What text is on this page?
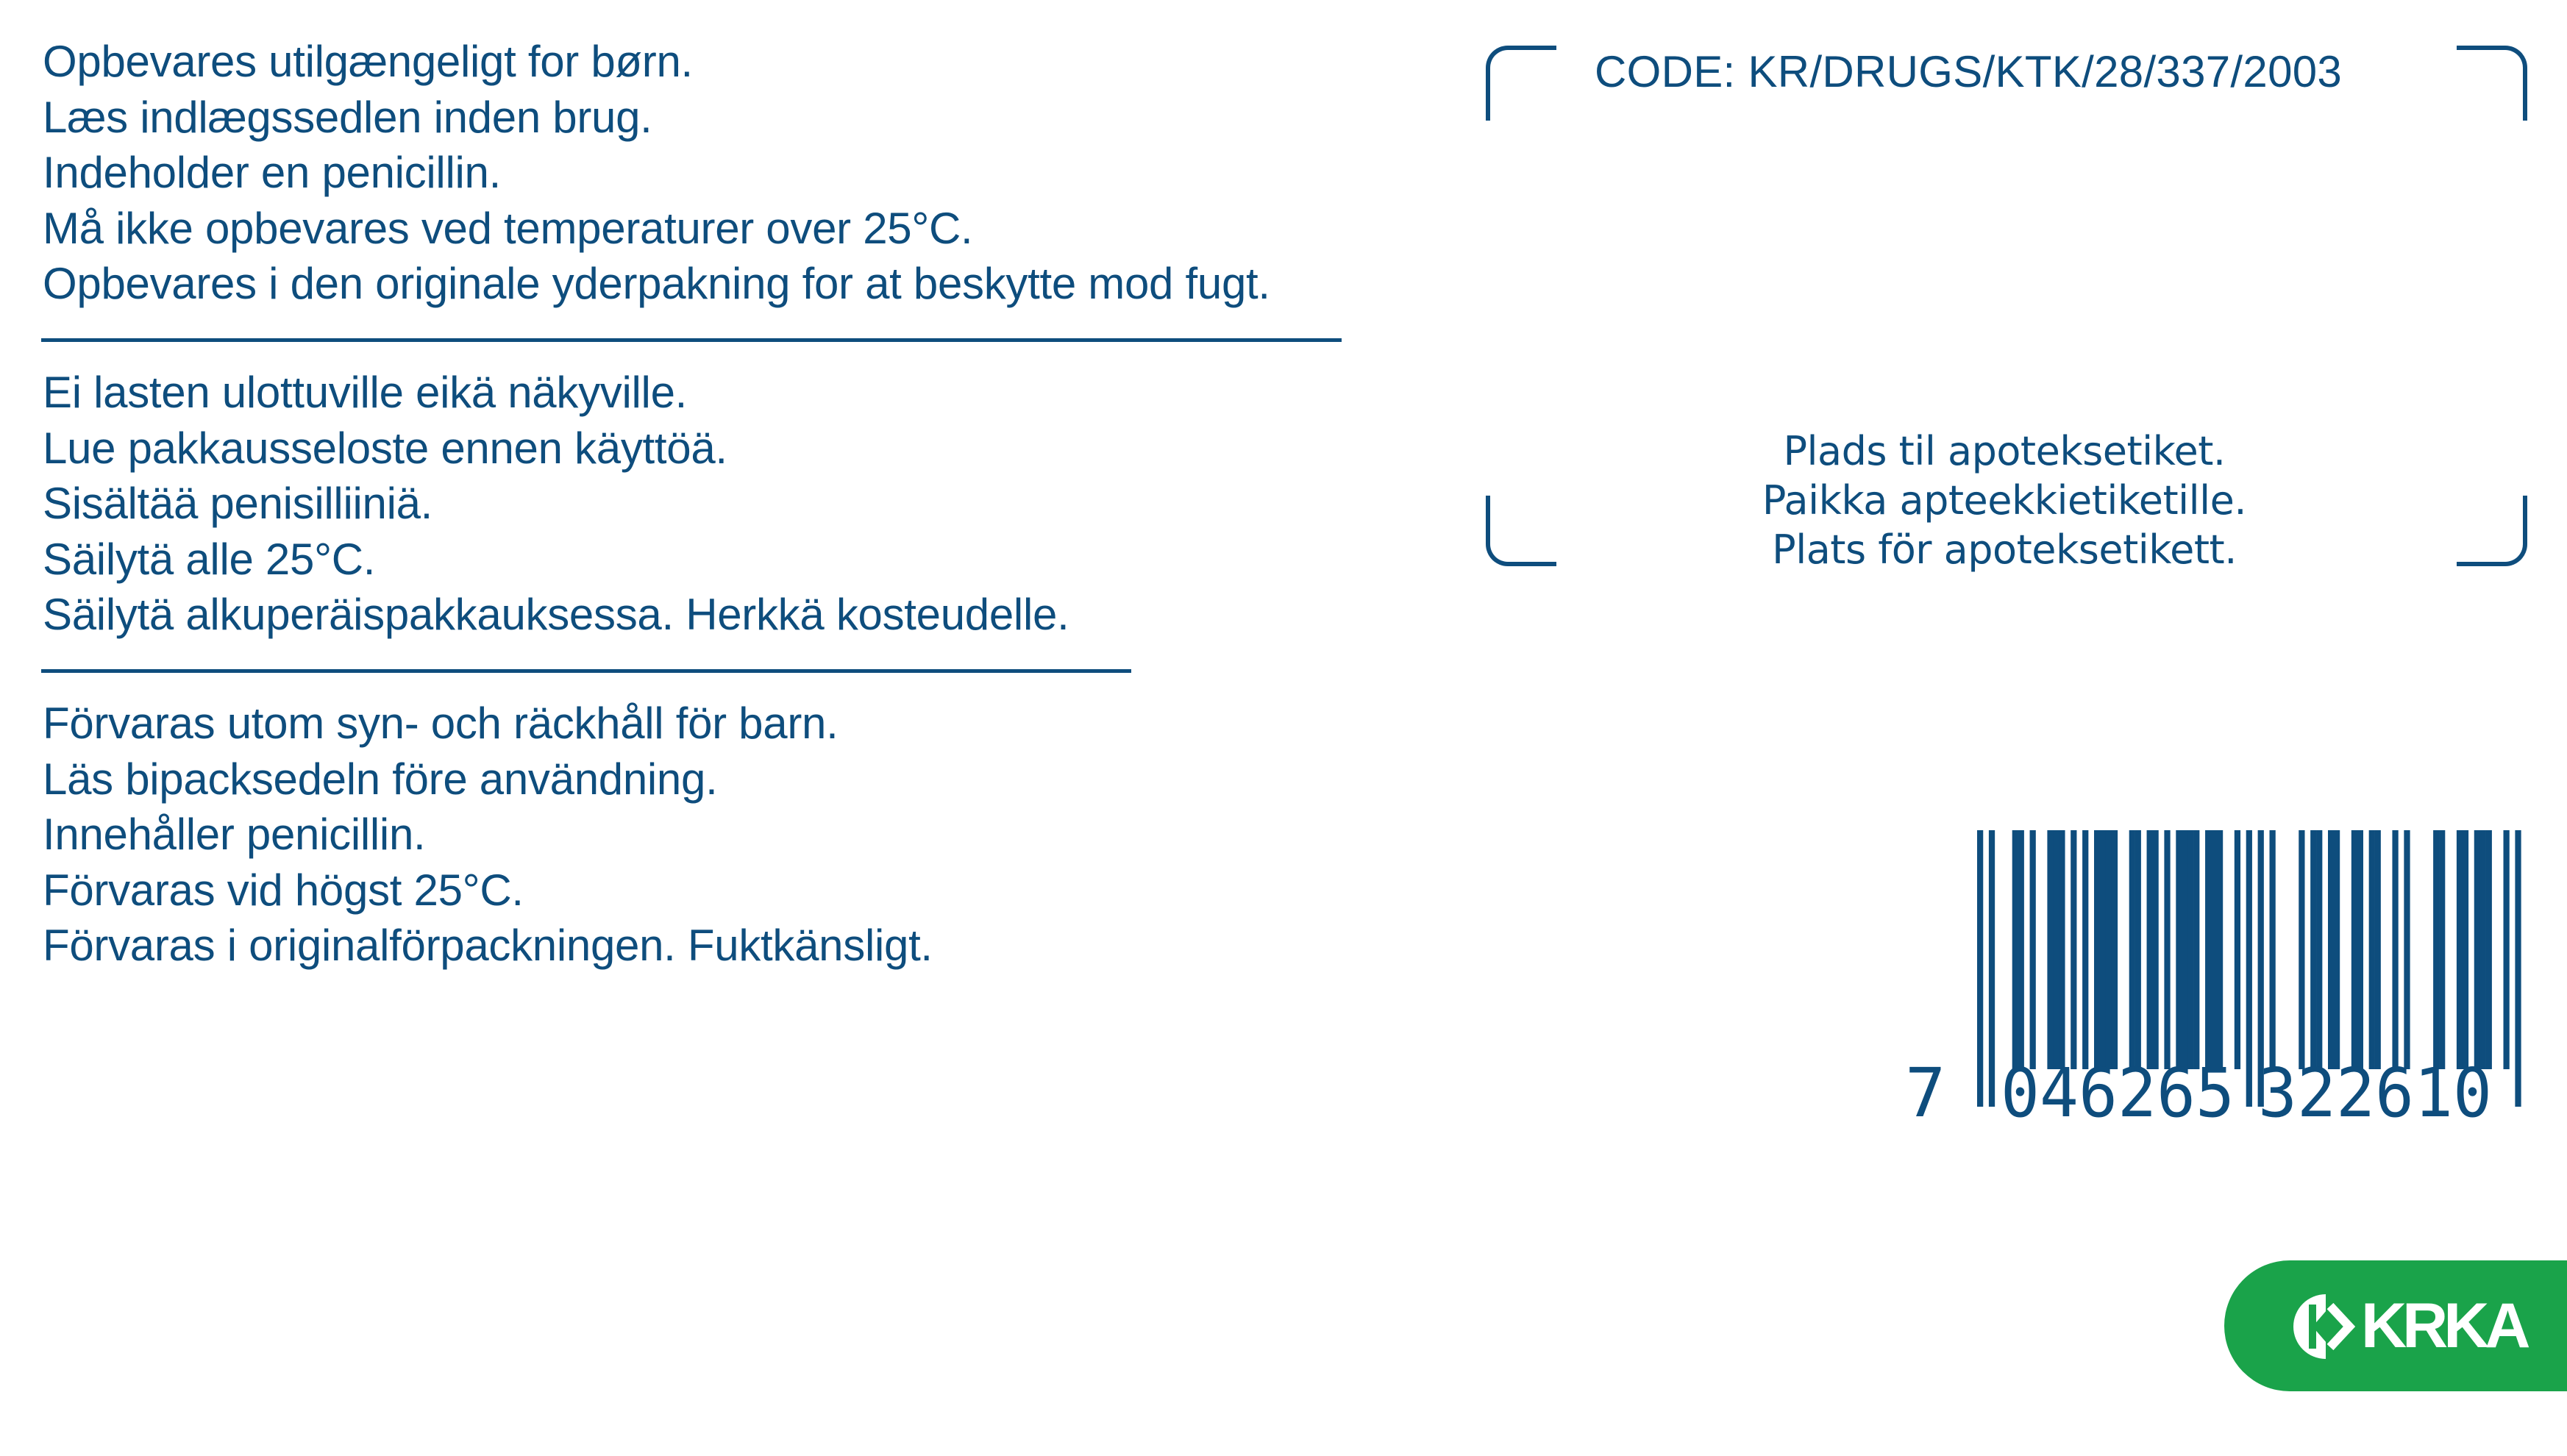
Opbevares utilgængeligt for børn.
Læs indlægssedlen inden brug.
Indeholder en penicillin.
Må ikke opbevares ved temperaturer over 25°C.
Opbevares i den originale yderpakning for at beskytte mod fugt.
Ei lasten ulottuville eikä näkyville.
Lue pakkausseloste ennen käyttöä.
Sisältää penisilliiniä.
Säilytä alle 25°C.
Säilytä alkuperäispakkauksessa. Herkkä kosteudelle.
Förvaras utom syn- och räckhåll för barn.
Läs bipacksedeln före användning.
Innehåller penicillin.
Förvaras vid högst 25°C.
Förvaras i originalförpackningen. Fuktkänsligt.
CODE: KR/DRUGS/KTK/28/337/2003
Plads til apoteksetiket.
Paikka apteekkietiketille.
Plats för apoteksetikett.
7 046265 322610
KRKA
